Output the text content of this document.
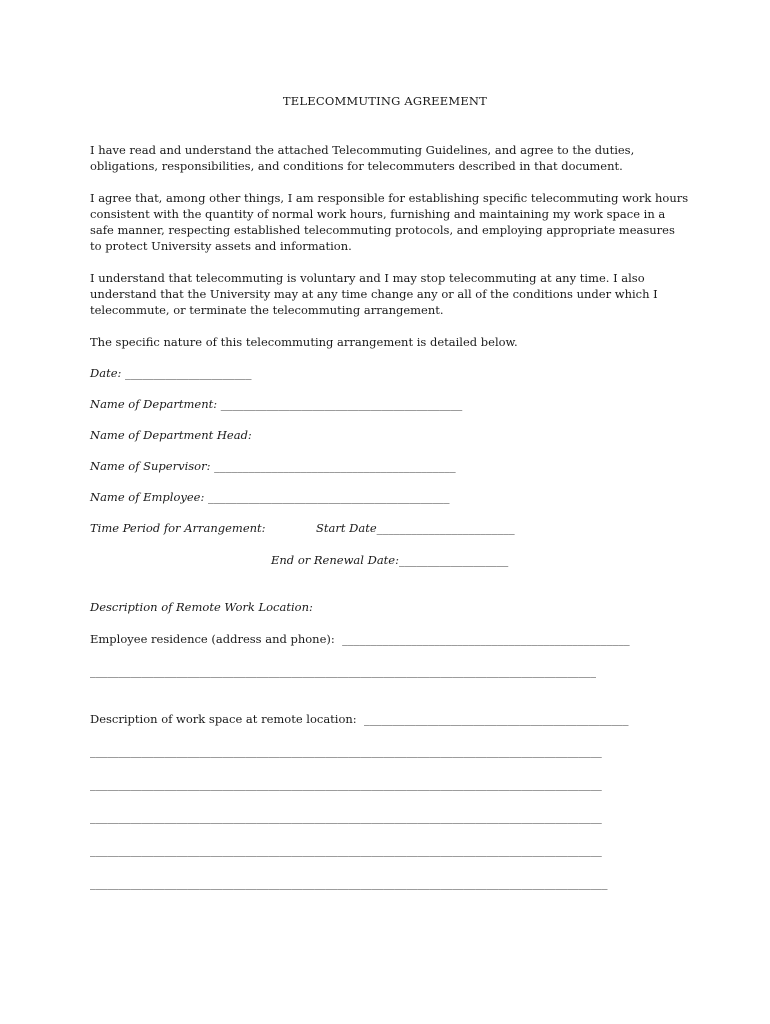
TELECOMMUTING AGREEMENT

I have read and understand the attached Telecommuting Guidelines, and agree to the duties, obligations, responsibilities, and conditions for telecommuters described in that document.

I agree that, among other things, I am responsible for establishing specific telecommuting work hours consistent with the quantity of normal work hours, furnishing and maintaining my work space in a safe manner, respecting established telecommuting protocols, and employing appropriate measures to protect University assets and information.

I understand that telecommuting is voluntary and I may stop telecommuting at any time. I also understand that the University may at any time change any or all of the conditions under which I telecommute, or terminate the telecommuting arrangement.

The specific nature of this telecommuting arrangement is detailed below.

Date: ______________________
Name of Department: __________________________________________
Name of Department Head:
Name of Supervisor: __________________________________________
Name of Employee: __________________________________________
Time Period for Arrangement:	Start Date________________________
End or Renewal Date:___________________
Description of Remote Work Location:
Employee residence (address and phone): __________________________________________________
________________________________________________________________________________________
Description of work space at remote location: ______________________________________________
_________________________________________________________________________________________
_________________________________________________________________________________________
_________________________________________________________________________________________
_________________________________________________________________________________________
__________________________________________________________________________________________
